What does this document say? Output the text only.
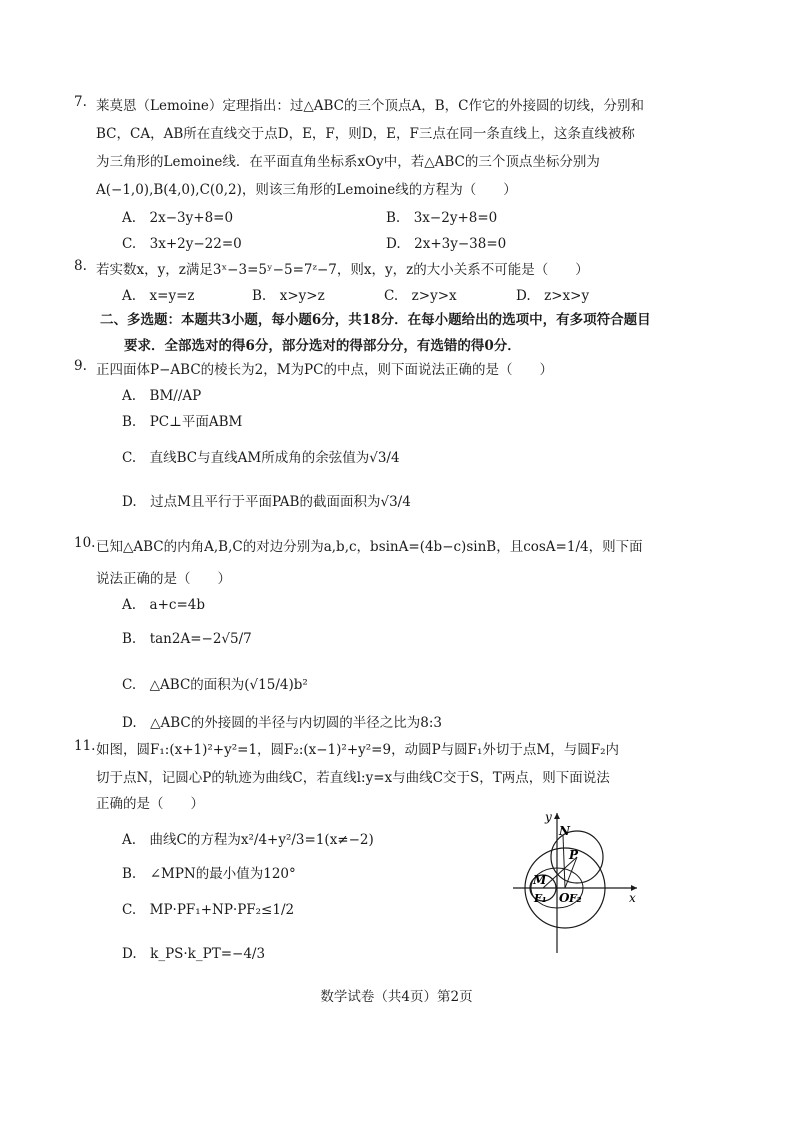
7. 莱莫恩（Lemoine）定理指出：过△ABC的三个顶点A，B，C作它的外接圆的切线，分别和
BC，CA，AB所在直线交于点D，E，F，则D，E，F三点在同一条直线上，这条直线被称
为三角形的Lemoine线．在平面直角坐标系xOy中，若△ABC的三个顶点坐标分别为
A(−1,0),B(4,0),C(0,2)，则该三角形的Lemoine线的方程为（　　）
A.　2x−3y+8=0	B.　3x−2y+8=0
C.　3x+2y−22=0	D.　2x+3y−38=0
8. 若实数x，y，z满足3ˣ−3=5ʸ−5=7ᶻ−7，则x，y，z的大小关系不可能是（　　）
A.　x=y=z	B.　x>y>z	C.　z>y>x	D.　z>x>y
二、多选题：本题共3小题，每小题6分，共18分．在每小题给出的选项中，有多项符合题目
要求．全部选对的得6分，部分选对的得部分分，有选错的得0分．
9. 正四面体P−ABC的棱长为2，M为PC的中点，则下面说法正确的是（　　）
A.　BM//AP
B.　PC⊥平面ABM
C.　直线BC与直线AM所成角的余弦值为√3/4
D.　过点M且平行于平面PAB的截面面积为√3/4
10. 已知△ABC的内角A,B,C的对边分别为a,b,c，bsinA=(4b−c)sinB，且cosA=1/4，则下面
说法正确的是（　　）
A.　a+c=4b
B.　tan2A=−2√5/7
C.　△ABC的面积为(√15/4)b²
D.　△ABC的外接圆的半径与内切圆的半径之比为8:3
11. 如图，圆F₁:(x+1)²+y²=1，圆F₂:(x−1)²+y²=9，动圆P与圆F₁外切于点M，与圆F₂内
切于点N，记圆心P的轨迹为曲线C，若直线l:y=x与曲线C交于S，T两点，则下面说法
正确的是（　　）
A.　曲线C的方程为x²/4+y²/3=1(x≠−2)
B.　∠MPN的最小值为120°
C.　MP·PF₁+NP·PF₂≤1/2
D.　k_PS·k_PT=−4/3
y
x
N
P
M
F₁ O F₂
数学试卷（共4页）第2页
